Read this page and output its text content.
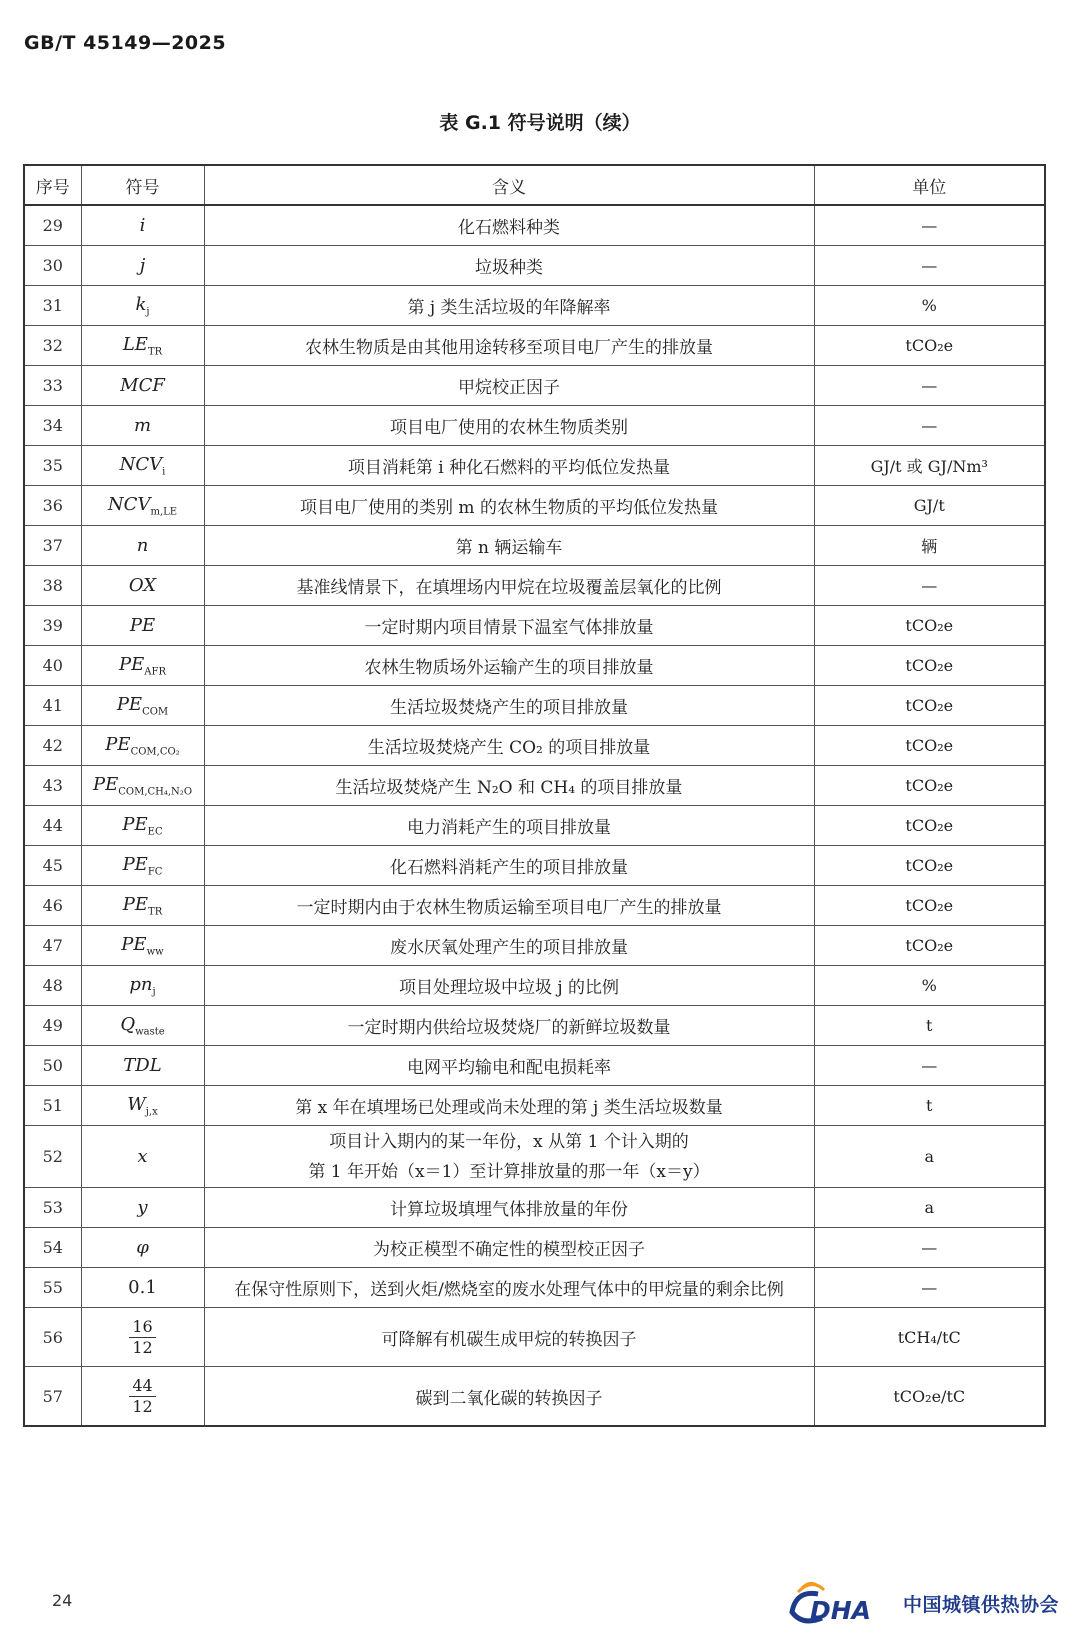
GB/T 45149—2025
表 G.1 符号说明（续）
序号	符号	含义	单位
29	i	化石燃料种类	—
30	j	垃圾种类	—
31	$k_j$	第 j 类生活垃圾的年降解率	%
32	$LE_{TR}$	农林生物质是由其他用途转移至项目电厂产生的排放量	tCO₂e
33	MCF	甲烷校正因子	—
34	m	项目电厂使用的农林生物质类别	—
35	$NCV_i$	项目消耗第 i 种化石燃料的平均低位发热量	GJ/t 或 GJ/Nm³
36	$NCV_{m,LE}$	项目电厂使用的类别 m 的农林生物质的平均低位发热量	GJ/t
37	n	第 n 辆运输车	辆
38	OX	基准线情景下，在填埋场内甲烷在垃圾覆盖层氧化的比例	—
39	PE	一定时期内项目情景下温室气体排放量	tCO₂e
40	$PE_{AFR}$	农林生物质场外运输产生的项目排放量	tCO₂e
41	$PE_{COM}$	生活垃圾焚烧产生的项目排放量	tCO₂e
42	$PE_{COM,CO_2}$	生活垃圾焚烧产生 CO₂ 的项目排放量	tCO₂e
43	$PE_{COM,CH_4,N_2O}$	生活垃圾焚烧产生 N₂O 和 CH₄ 的项目排放量	tCO₂e
44	$PE_{EC}$	电力消耗产生的项目排放量	tCO₂e
45	$PE_{FC}$	化石燃料消耗产生的项目排放量	tCO₂e
46	$PE_{TR}$	一定时期内由于农林生物质运输至项目电厂产生的排放量	tCO₂e
47	$PE_{ww}$	废水厌氧处理产生的项目排放量	tCO₂e
48	$pn_j$	项目处理垃圾中垃圾 j 的比例	%
49	$Q_{waste}$	一定时期内供给垃圾焚烧厂的新鲜垃圾数量	t
50	TDL	电网平均输电和配电损耗率	—
51	$W_{j,x}$	第 x 年在填埋场已处理或尚未处理的第 j 类生活垃圾数量	t
52	x	项目计入期内的某一年份，x 从第 1 个计入期的
第 1 年开始（x＝1）至计算排放量的那一年（x＝y）	a
53	y	计算垃圾填埋气体排放量的年份	a
54	φ	为校正模型不确定性的模型校正因子	—
55	0.1	在保守性原则下，送到火炬/燃烧室的废水处理气体中的甲烷量的剩余比例	—
56	$\frac{16}{12}$	可降解有机碳生成甲烷的转换因子	tCH₄/tC
57	$\frac{44}{12}$	碳到二氧化碳的转换因子	tCO₂e/tC
24	DHA 中国城镇供热协会
